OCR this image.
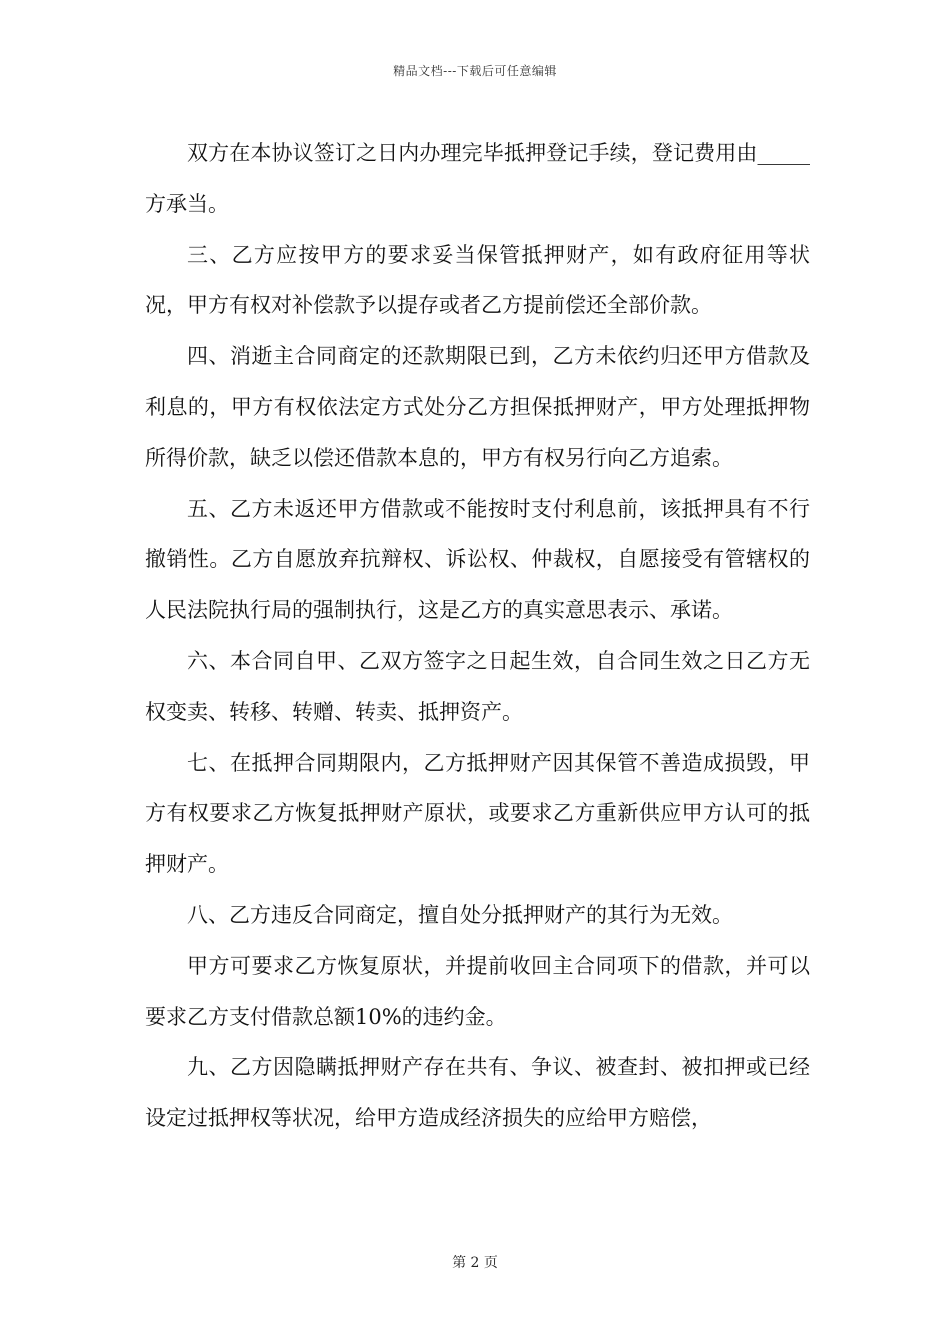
精品文档---下载后可任意编辑

双方在本协议签订之日内办理完毕抵押登记手续，登记费用由_____方承当。

三、乙方应按甲方的要求妥当保管抵押财产，如有政府征用等状况，甲方有权对补偿款予以提存或者乙方提前偿还全部价款。

四、消逝主合同商定的还款期限已到，乙方未依约归还甲方借款及利息的，甲方有权依法定方式处分乙方担保抵押财产，甲方处理抵押物所得价款，缺乏以偿还借款本息的，甲方有权另行向乙方追索。

五、乙方未返还甲方借款或不能按时支付利息前，该抵押具有不行撤销性。乙方自愿放弃抗辩权、诉讼权、仲裁权，自愿接受有管辖权的人民法院执行局的强制执行，这是乙方的真实意思表示、承诺。

六、本合同自甲、乙双方签字之日起生效，自合同生效之日乙方无权变卖、转移、转赠、转卖、抵押资产。

七、在抵押合同期限内，乙方抵押财产因其保管不善造成损毁，甲方有权要求乙方恢复抵押财产原状，或要求乙方重新供应甲方认可的抵押财产。

八、乙方违反合同商定，擅自处分抵押财产的其行为无效。

甲方可要求乙方恢复原状，并提前收回主合同项下的借款，并可以要求乙方支付借款总额10%的违约金。

九、乙方因隐瞒抵押财产存在共有、争议、被查封、被扣押或已经设定过抵押权等状况，给甲方造成经济损失的应给甲方赔偿，

第 2 页
